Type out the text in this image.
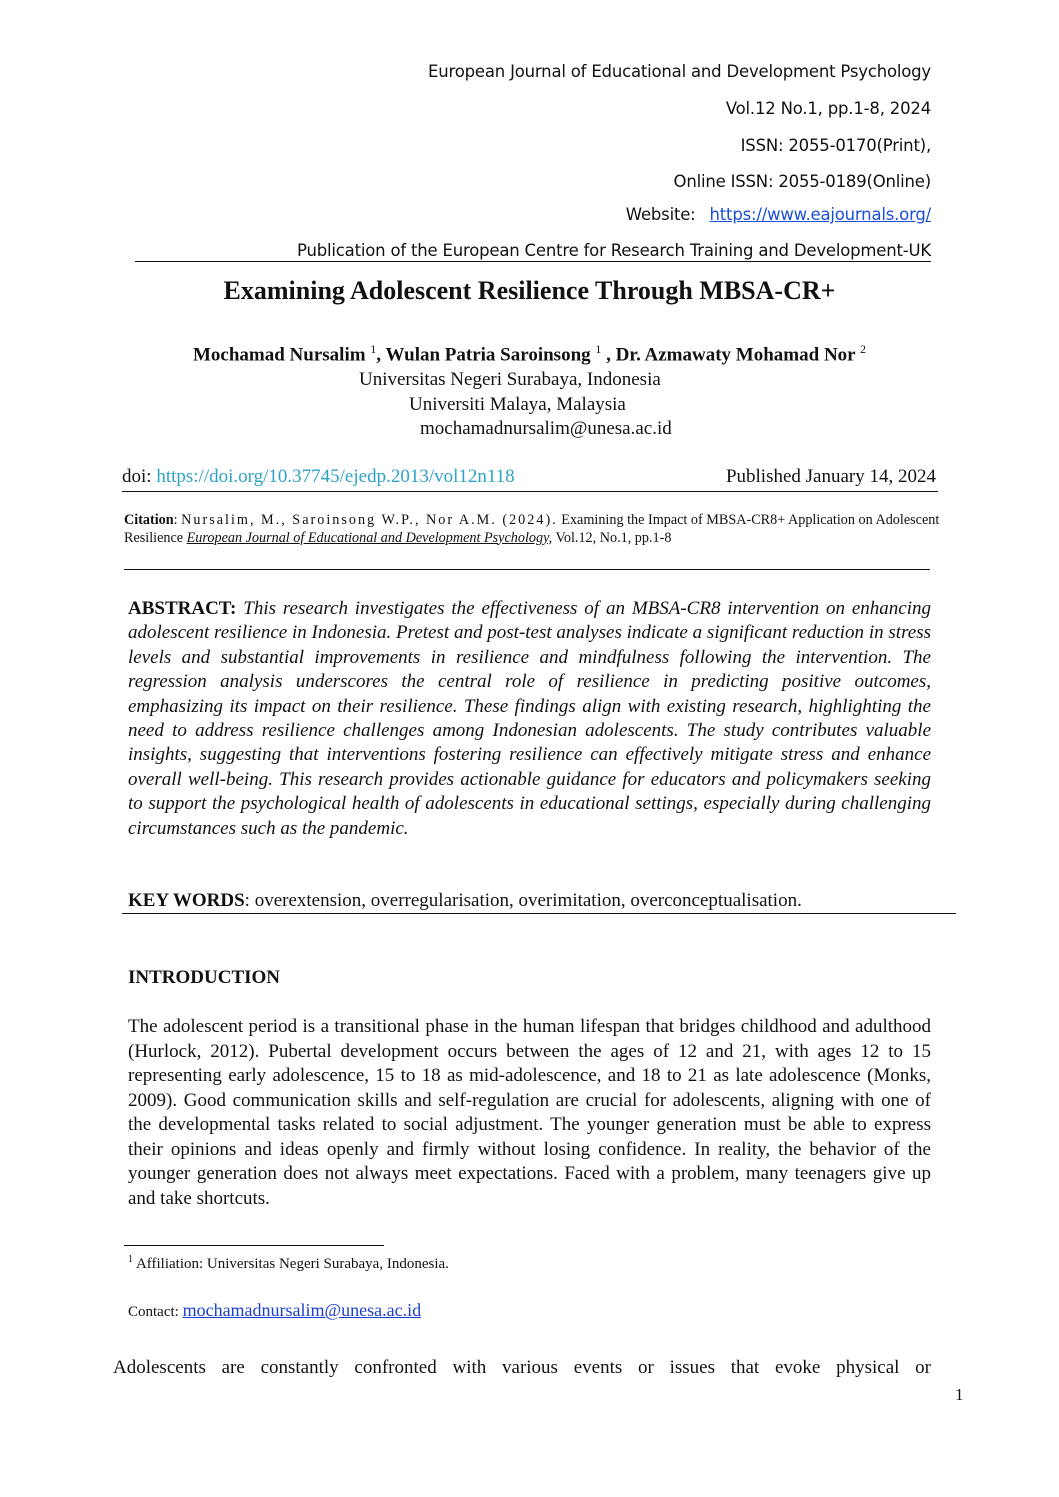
European Journal of Educational and Development Psychology
Vol.12 No.1, pp.1-8, 2024
ISSN: 2055-0170(Print),
Online ISSN: 2055-0189(Online)
Website: https://www.eajournals.org/
Publication of the European Centre for Research Training and Development-UK
Examining Adolescent Resilience Through MBSA-CR+
Mochamad Nursalim $^1$, Wulan Patria Saroinsong $^1$ , Dr. Azmawaty Mohamad Nor $^2$
Universitas Negeri Surabaya, Indonesia
Universiti Malaya, Malaysia
mochamadnursalim@unesa.ac.id
doi: https://doi.org/10.37745/ejedp.2013/vol12n118	Published January 14, 2024
Citation: Nursalim, M., Saroinsong W.P., Nor A.M. (2024). Examining the Impact of MBSA-CR8+ Application on Adolescent Resilience European Journal of Educational and Development Psychology, Vol.12, No.1, pp.1-8
ABSTRACT: This research investigates the effectiveness of an MBSA-CR8 intervention on enhancing adolescent resilience in Indonesia. Pretest and post-test analyses indicate a significant reduction in stress levels and substantial improvements in resilience and mindfulness following the intervention. The regression analysis underscores the central role of resilience in predicting positive outcomes, emphasizing its impact on their resilience. These findings align with existing research, highlighting the need to address resilience challenges among Indonesian adolescents. The study contributes valuable insights, suggesting that interventions fostering resilience can effectively mitigate stress and enhance overall well-being. This research provides actionable guidance for educators and policymakers seeking to support the psychological health of adolescents in educational settings, especially during challenging circumstances such as the pandemic.
KEY WORDS: overextension, overregularisation, overimitation, overconceptualisation.
INTRODUCTION
The adolescent period is a transitional phase in the human lifespan that bridges childhood and adulthood (Hurlock, 2012). Pubertal development occurs between the ages of 12 and 21, with ages 12 to 15 representing early adolescence, 15 to 18 as mid-adolescence, and 18 to 21 as late adolescence (Monks, 2009). Good communication skills and self-regulation are crucial for adolescents, aligning with one of the developmental tasks related to social adjustment. The younger generation must be able to express their opinions and ideas openly and firmly without losing confidence. In reality, the behavior of the younger generation does not always meet expectations. Faced with a problem, many teenagers give up and take shortcuts.
$^1$ Affiliation: Universitas Negeri Surabaya, Indonesia.
Contact: mochamadnursalim@unesa.ac.id
Adolescents are constantly confronted with various events or issues that evoke physical or
1
